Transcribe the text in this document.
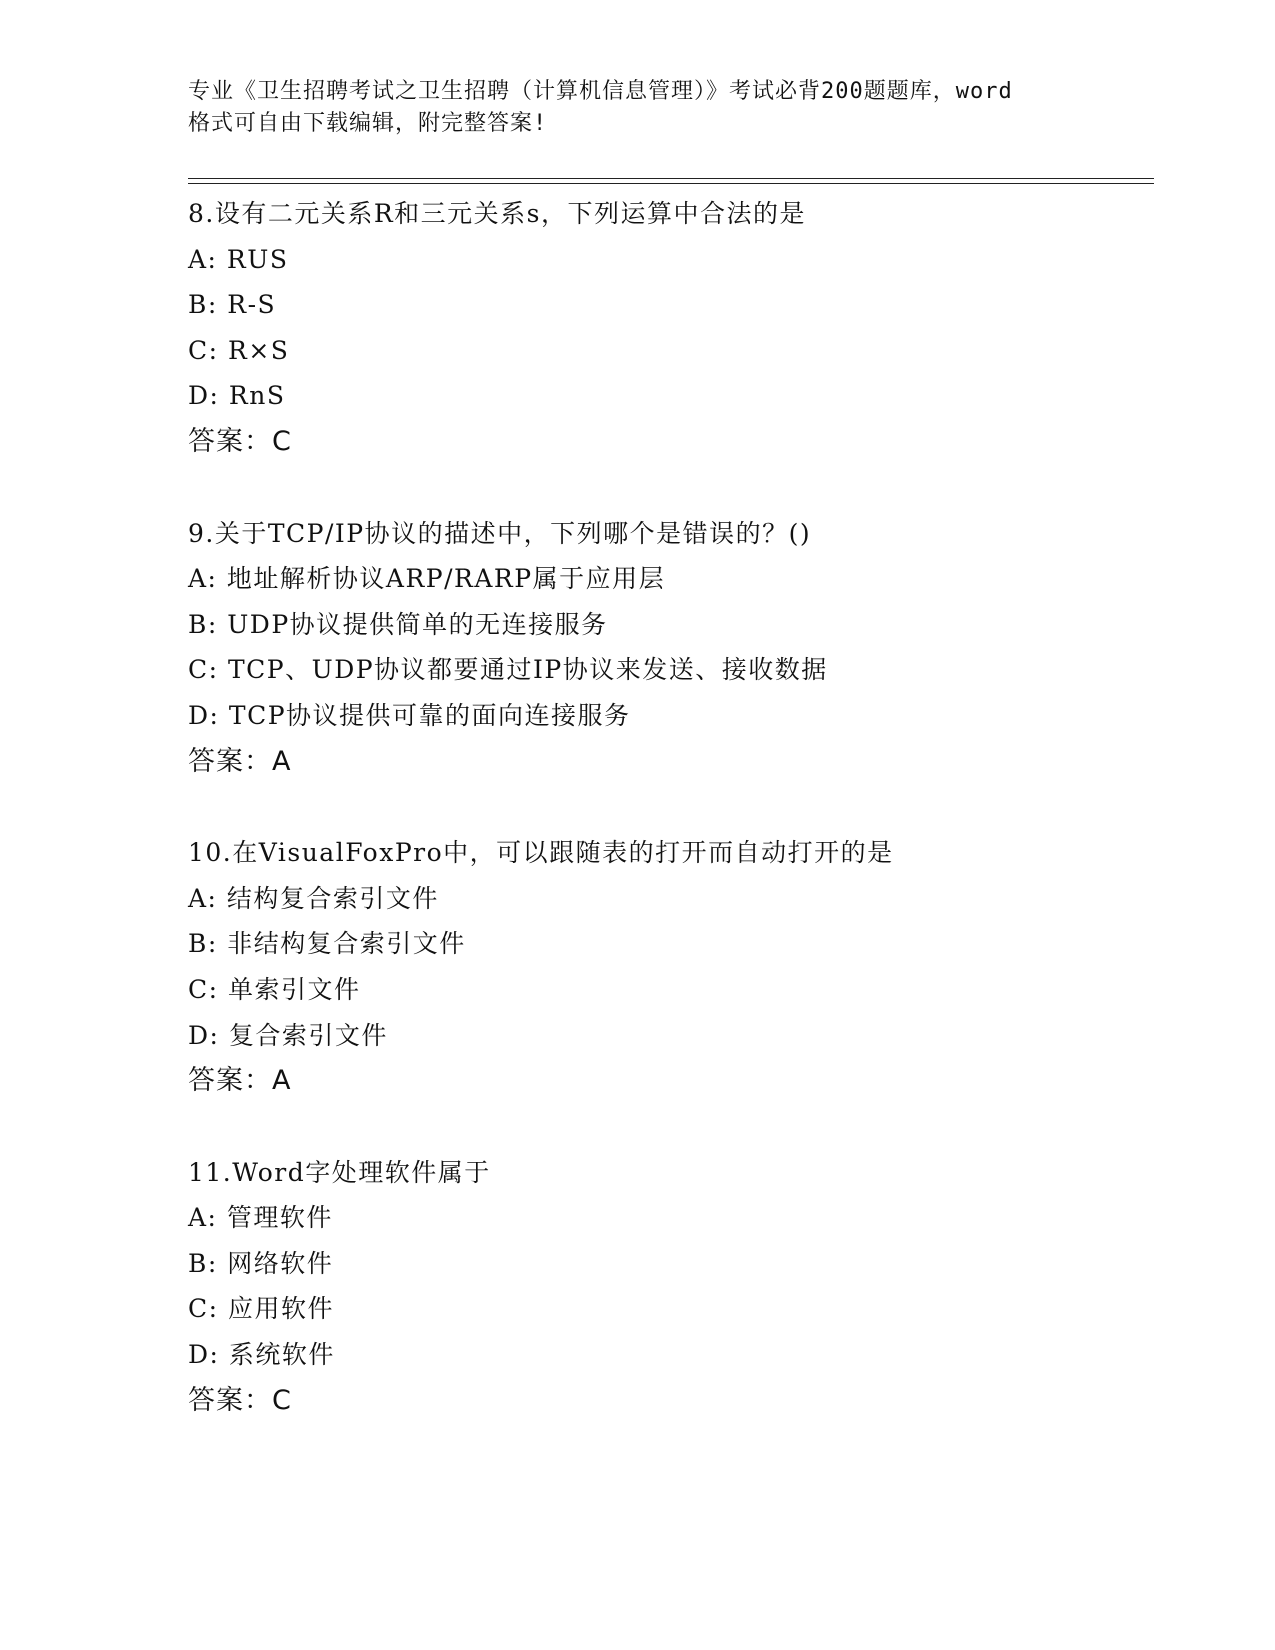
专业《卫生招聘考试之卫生招聘（计算机信息管理）》考试必背200题题库，word
格式可自由下载编辑，附完整答案!
8.设有二元关系R和三元关系s，下列运算中合法的是
A: RUS
B: R-S
C: R×S
D: RnS
答案：C
9.关于TCP/IP协议的描述中，下列哪个是错误的？()
A: 地址解析协议ARP/RARP属于应用层
B: UDP协议提供简单的无连接服务
C: TCP、UDP协议都要通过IP协议来发送、接收数据
D: TCP协议提供可靠的面向连接服务
答案：A
10.在VisualFoxPro中，可以跟随表的打开而自动打开的是
A: 结构复合索引文件
B: 非结构复合索引文件
C: 单索引文件
D: 复合索引文件
答案：A
11.Word字处理软件属于
A: 管理软件
B: 网络软件
C: 应用软件
D: 系统软件
答案：C
